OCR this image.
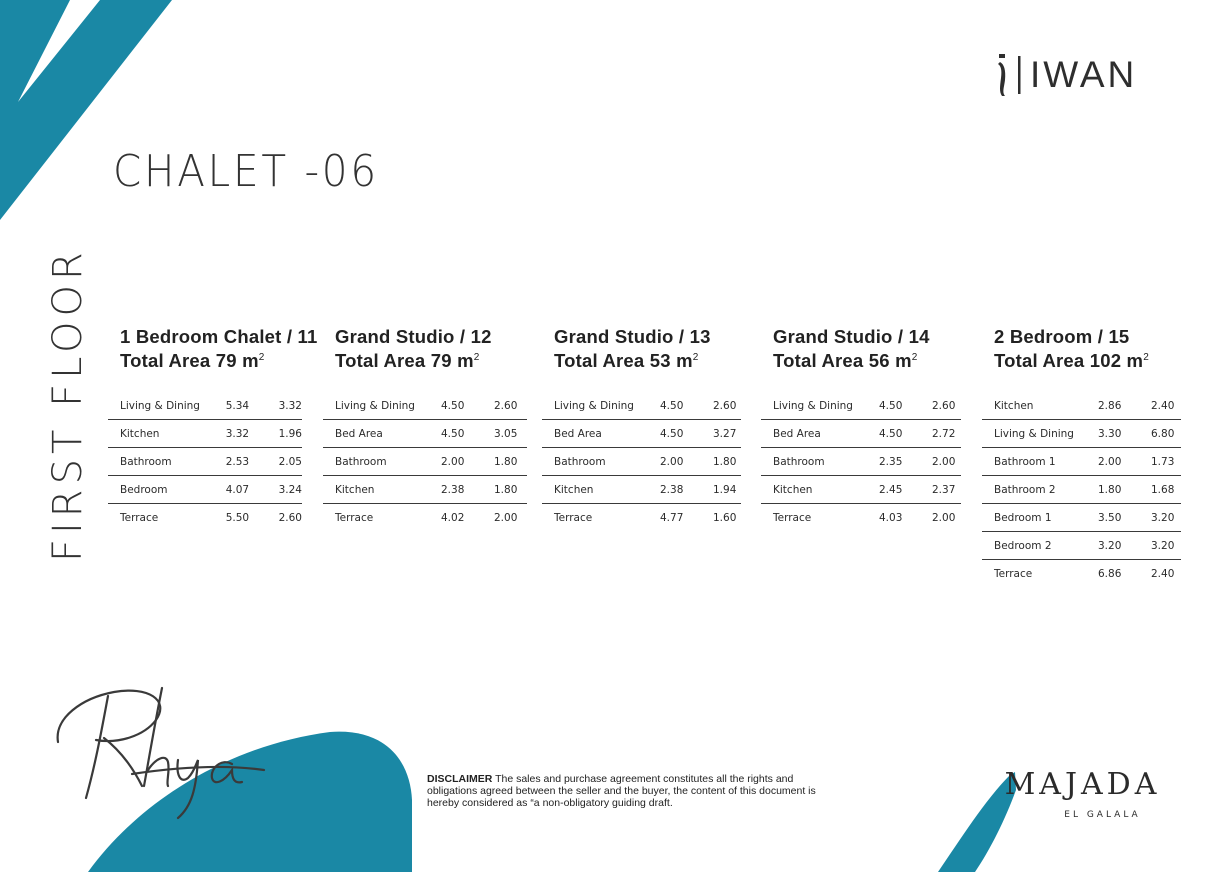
IWAN
CHALET -06
FIRST FLOOR 1 Bedroom Chalet / 11
Total Area 79 $m^2$
Living & Dining	5.34	3.32
Kitchen	3.32	1.96
Bathroom	2.53	2.05
Bedroom	4.07	3.24
Terrace	5.50	2.60
Grand Studio / 12
Total Area 79 $m^2$
Living & Dining	4.50	2.60
Bed Area	4.50	3.05
Bathroom	2.00	1.80
Kitchen	2.38	1.80
Terrace	4.02	2.00
Grand Studio / 13
Total Area 53 $m^2$
Living & Dining	4.50	2.60
Bed Area	4.50	3.27
Bathroom	2.00	1.80
Kitchen	2.38	1.94
Terrace	4.77	1.60
Grand Studio / 14
Total Area 56 $m^2$
Living & Dining	4.50	2.60
Bed Area	4.50	2.72
Bathroom	2.35	2.00
Kitchen	2.45	2.37
Terrace	4.03	2.00
2 Bedroom / 15
Total Area 102 $m^2$
Kitchen	2.86	2.40
Living & Dining	3.30	6.80
Bathroom 1	2.00	1.73
Bathroom 2	1.80	1.68
Bedroom 1	3.50	3.20
Bedroom 2	3.20	3.20
Terrace	6.86	2.40
DISCLAIMER The sales and purchase agreement constitutes all the rights and obligations agreed between the seller and the buyer, the content of this document is hereby considered as “a non-obligatory guiding draft.
MAJADA
EL GALALA
